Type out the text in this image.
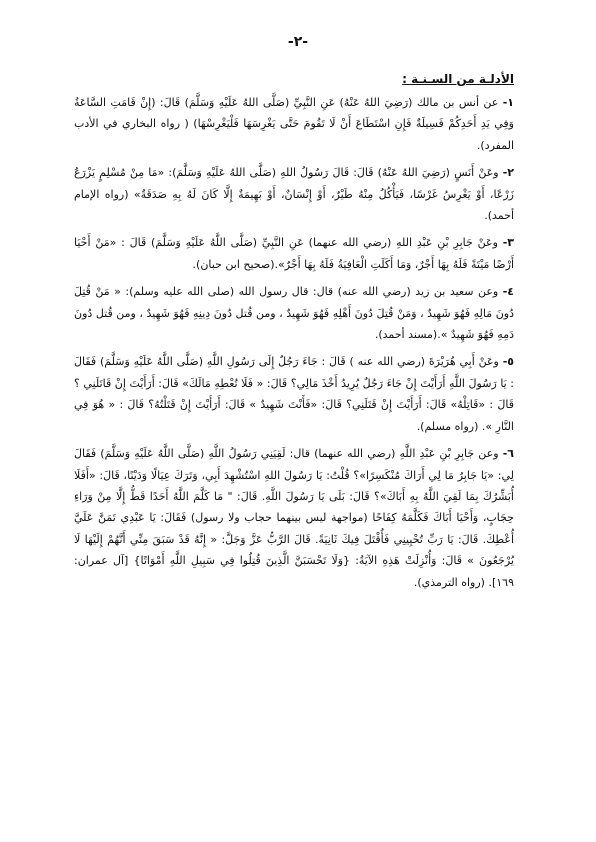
-٢-
الأدلـة من السـنـة :
١- عن أنس بن مالك (رَضِيَ اللهُ عَنْهُ) عَنِ النَّبِيِّ (صَلَّى اللهُ عَلَيْهِ وَسَلَّمَ) قَالَ: (إِنْ قَامَتِ السَّاعَةُ وَفِي يَدِ أَحَدِكُمْ فَسِيلَةٌ فَإِنِ اسْتَطَاعَ أَنْ لَا تَقُومَ حَتَّى يَغْرِسَهَا فَلْيَغْرِسْهَا) ( رواه البخاري في الأدب المفرد).
٢- وعَنْ أَنَسٍ (رَضِيَ اللهُ عَنْهُ) قَالَ: قَالَ رَسُولُ اللهِ (صَلَّى اللهُ عَلَيْهِ وَسَلَّمَ): «مَا مِنْ مُسْلِمٍ يَزْرَعُ زَرْعًا، أَوْ يَغْرِسُ غَرْسًا، فَيَأْكُلُ مِنْهُ طَيْرٌ، أَوْ إِنْسَانٌ، أَوْ بَهِيمَةٌ إِلَّا كَانَ لَهُ بِهِ صَدَقَةٌ» (رواه الإمام أحمد).
٣- وعَنْ جَابِرِ بْنِ عَبْدِ اللهِ (رضي الله عنهما) عَنِ النَّبِيِّ (صَلَّى اللَّهُ عَلَيْهِ وَسَلَّمَ) قَالَ : «مَنْ أَحْيَا أَرْضًا مَيْتَةً فَلَهُ بِهَا أَجْرٌ، وَمَا أَكَلَتِ الْعَافِيَةُ فَلَهُ بِهَا أَجْرٌ».(صحيح ابن حبان).
٤- وعن سعيد بن زيد (رضي الله عنه) قال: قال رسول الله (صلى الله عليه وسلم): « مَنْ قُتِلَ دُونَ مَالِهِ فَهُوَ شَهِيدٌ ، وَمَنْ قُتِلَ دُونَ أَهْلِهِ فَهُوَ شَهِيدٌ ، ومن قُتل دُونَ دِينِهِ فَهُوَ شَهِيدٌ ، ومن قُتل دُونَ دَمِهِ فَهُوَ شَهِيدٌ ».(مسند أحمد).
٥- وعَنْ أَبِي هُرَيْرَةَ (رضي الله عنه ) قَالَ : جَاءَ رَجُلٌ إِلَى رَسُولِ اللَّهِ (صَلَّى اللَّهُ عَلَيْهِ وَسَلَّمَ) فَقَالَ : يَا رَسُولَ اللَّهِ أَرَأَيْتَ إِنْ جَاءَ رَجُلٌ يُرِيدُ أَخْذَ مَالِي؟ قَالَ: « فَلَا تُعْطِهِ مَالَكَ» قَالَ: أَرَأَيْتَ إِنْ قَاتَلَنِي ؟ قَالَ : «قَاتِلْهُ» قَالَ: أَرَأَيْتَ إِنْ قَتَلَنِي؟ قَالَ: «فَأَنْتَ شَهِيدٌ » قَالَ: أَرَأَيْتَ إِنْ قَتَلْتُهُ؟ قَالَ : « هُوَ فِي النَّارِ ». (رواه مسلم).
٦- وعن جَابِرِ بْنِ عَبْدِ اللَّهِ (رضي الله عنهما) قال: لَقِيَنِي رَسُولُ اللَّهِ (صَلَّى اللَّهُ عَلَيْهِ وَسَلَّمَ) فَقَالَ لِي: «يَا جَابِرُ مَا لِي أَرَاكَ مُنْكَسِرًا»؟ قُلْتُ: يَا رَسُولَ اللهِ اسْتُشْهِدَ أَبِي، وَتَرَكَ عِيَالًا وَدَيْنًا، قَالَ: «أَفَلَا أُبَشِّرُكَ بِمَا لَقِيَ اللَّهُ بِهِ أَبَاكَ»؟ قَالَ: بَلَى يَا رَسُولَ اللَّهِ. قَالَ: " مَا كَلَّمَ اللَّهُ أَحَدًا قَطُّ إِلَّا مِنْ وَرَاءِ حِجَابٍ، وَأَحْيَا أَبَاكَ فَكَلَّمَهُ كِفَاحًا (مواجهة ليس بينهما حجاب ولا رسول) فَقَالَ: يَا عَبْدِي تَمَنَّ عَلَيَّ أُعْطِكَ. قَالَ: يَا رَبِّ تُحْيِينِي فَأُقْتَلَ فِيكَ ثَانِيَةً. قَالَ الرَّبُّ عَزَّ وَجَلَّ: « إِنَّهُ قَدْ سَبَقَ مِنِّي أَنَّهُمْ إِلَيْهَا لَا يُرْجَعُونَ » قَالَ: وَأُنْزِلَتْ هَذِهِ الآيَةُ: {وَلَا تَحْسَبَنَّ الَّذِينَ قُتِلُوا فِي سَبِيلِ اللَّهِ أَمْوَاتًا} [آل عمران: ١٦٩]. (رواه الترمذي).
